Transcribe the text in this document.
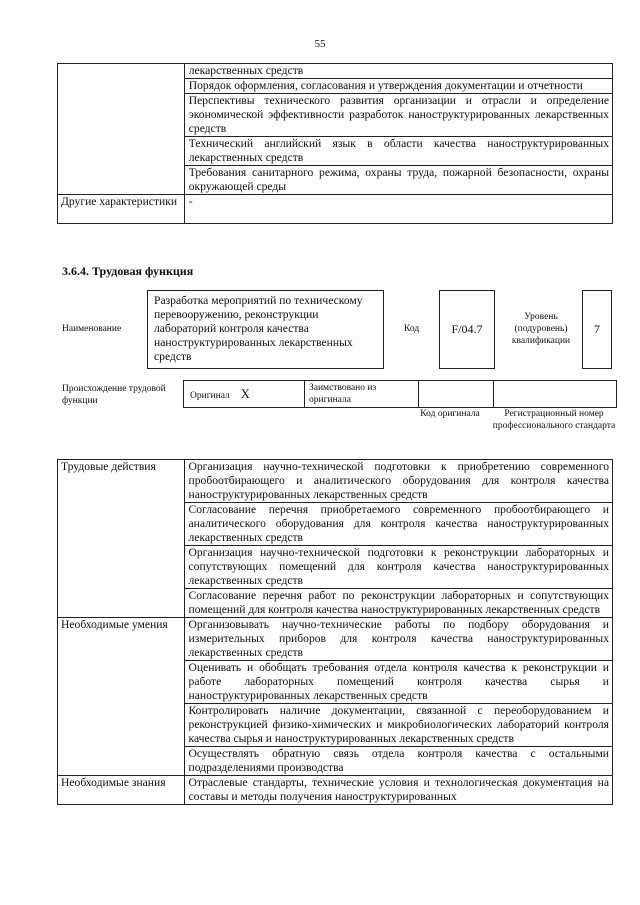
55
	лекарственных средств
	Порядок оформления, согласования и утверждения документации и отчетности
	Перспективы технического развития организации и отрасли и определение экономической эффективности разработок наноструктурированных лекарственных средств
	Технический английский язык в области качества наноструктурированных лекарственных средств
	Требования санитарного режима, охраны труда, пожарной безопасности, охраны окружающей среды
Другие характеристики	-
3.6.4. Трудовая функция
Наименование
Разработка мероприятий по техническому перевооружению, реконструкции лабораторий контроля качества наноструктурированных лекарственных средств
Код	F/04.7
Уровень (подуровень) квалификации
7
Происхождение трудовой функции
Оригинал X	Заимствовано из оригинала		
Код оригинала	Регистрационный номер профессионального стандарта
Трудовые действия	Организация научно-технической подготовки к приобретению современного пробоотбирающего и аналитического оборудования для контроля качества наноструктурированных лекарственных средств
	Согласование перечня приобретаемого современного пробоотбирающего и аналитического оборудования для контроля качества наноструктурированных лекарственных средств
	Организация научно-технической подготовки к реконструкции лабораторных и сопутствующих помещений для контроля качества наноструктурированных лекарственных средств
	Согласование перечня работ по реконструкции лабораторных и сопутствующих помещений для контроля качества наноструктурированных лекарственных средств
Необходимые умения	Организовывать научно-технические работы по подбору оборудования и измерительных приборов для контроля качества наноструктурированных лекарственных средств
	Оценивать и обобщать требования отдела контроля качества к реконструкции и работе лабораторных помещений контроля качества сырья и наноструктурированных лекарственных средств
	Контролировать наличие документации, связанной с переоборудованием и реконструкцией физико-химических и микробиологических лабораторий контроля качества сырья и наноструктурированных лекарственных средств
	Осуществлять обратную связь отдела контроля качества с остальными подразделениями производства
Необходимые знания	Отраслевые стандарты, технические условия и технологическая документация на составы и методы получения наноструктурированных
